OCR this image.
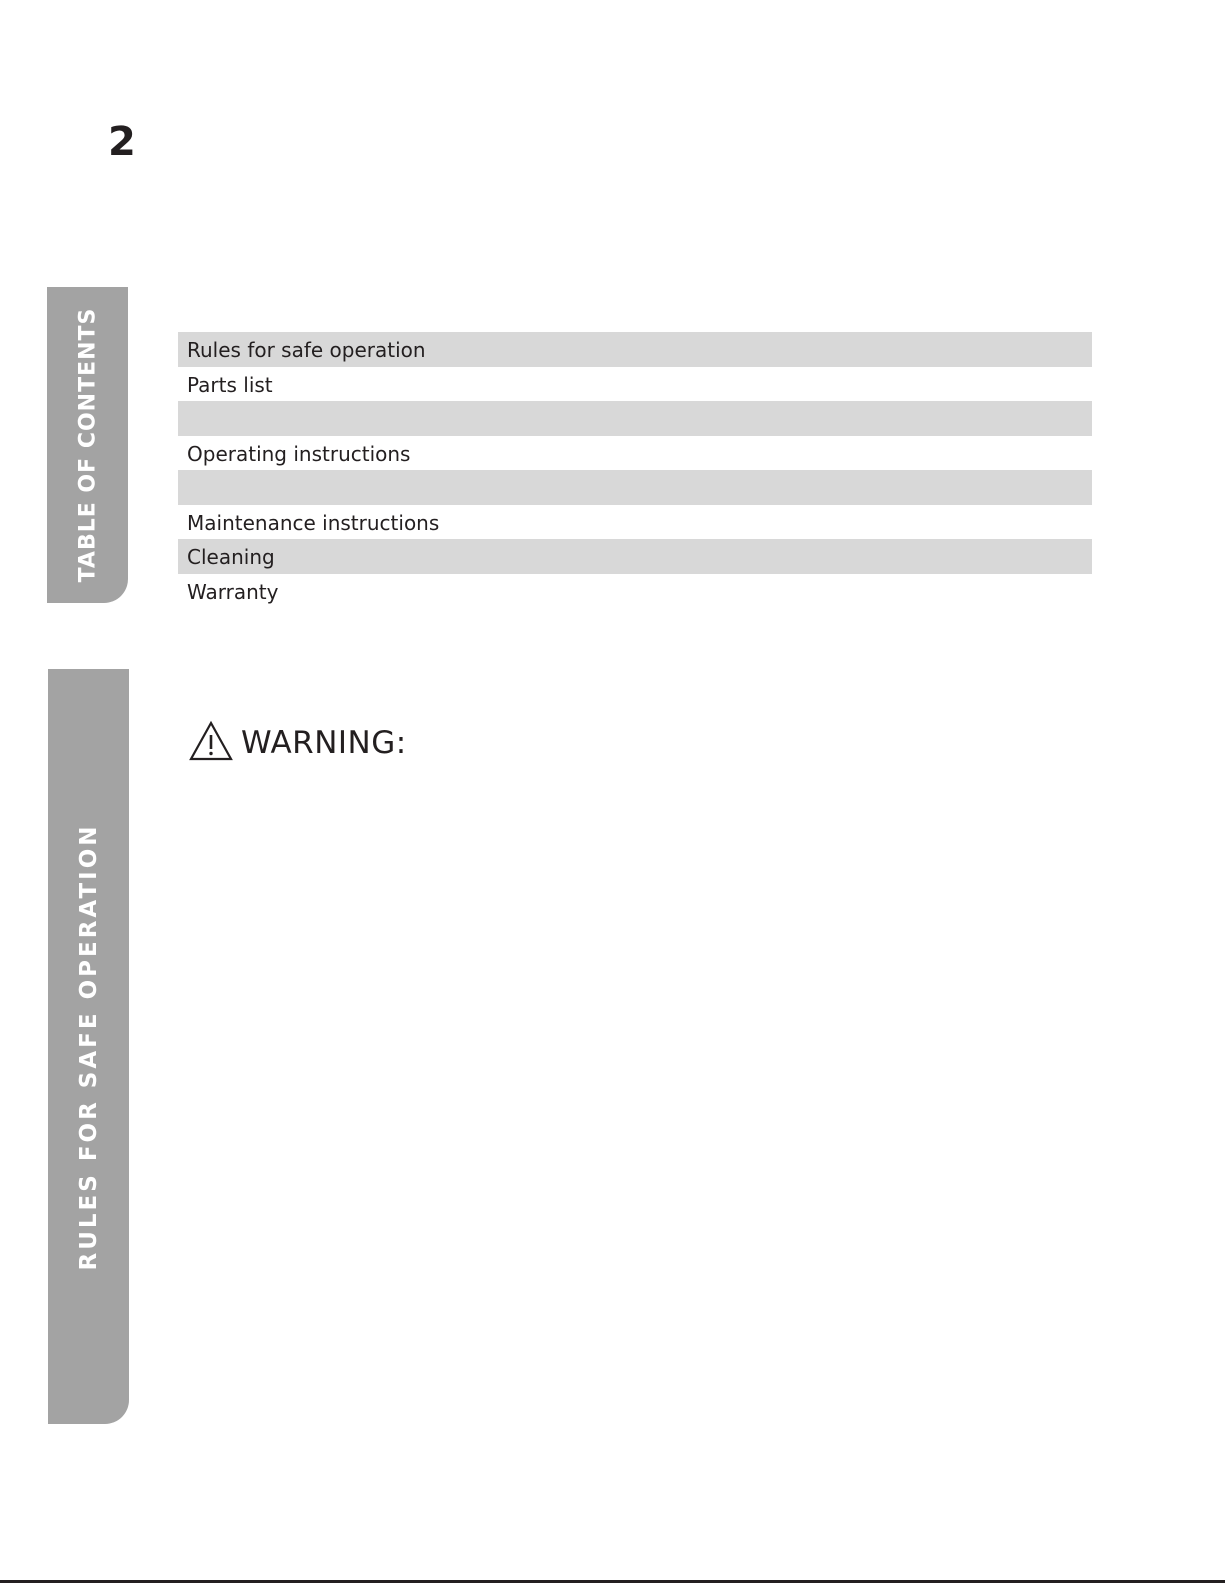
2
TABLE OF CONTENTS	Rules for safe operation
Parts list
Operating instructions
Maintenance instructions
Cleaning
Warranty
RULES FOR SAFE OPERATION
WARNING:
